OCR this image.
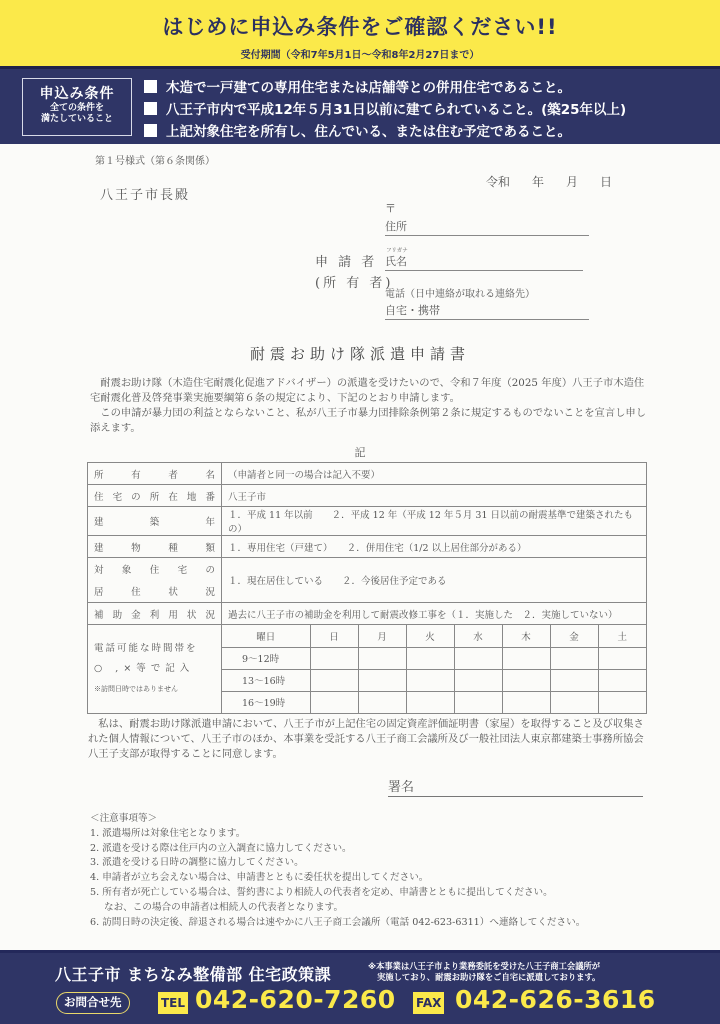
はじめに申込み条件をご確認ください!!
受付期間（令和7年5月1日～令和8年2月27日まで）
申込み条件
全ての条件を
満たしていること
木造で一戸建ての専用住宅または店舗等との併用住宅であること。
八王子市内で平成12年５月31日以前に建てられていること。(築25年以上)
上記対象住宅を所有し、住んでいる、または住む予定であること。
第１号様式（第６条関係）
八王子市長殿
令和 年 月 日
申 請 者
(所 有 者)
〒
住所
フリガナ
氏名
電話（日中連絡が取れる連絡先）
自宅・携帯
耐震お助け隊派遣申請書
　耐震お助け隊（木造住宅耐震化促進アドバイザー）の派遣を受けたいので、令和７年度（2025 年度）八王子市木造住宅耐震化普及啓発事業実施要綱第６条の規定により、下記のとおり申請します。
　この申請が暴力団の利益とならないこと、私が八王子市暴力団排除条例第２条に規定するものでないことを宣言し申し添えます。
記
所	有	者	名	（申請者と同一の場合は記入不要）

住 宅 の 所 在 地 番	八王子市

建	築	年
	１．平成 11 年以前　　２．平成 12 年（平成 12 年５月 31 日以前の耐震基準で建築されたもの）

建	物	種	類	１．専用住宅（戸建て）　　２．併用住宅（1/2 以上居住部分がある）

対 象 住 宅 の
居	住	状	況
	１．現在居住している　　２．今後居住予定である

補 助 金 利 用 状 況	過去に八王子市の補助金を利用して耐震改修工事を（１．実施した　２．実施していない）

電話可能な時間帯を
○ ,×等で記入
※訪問日時ではありません

曜日	日	月	火	水	木	金	土
9～12時							
13～16時							
16～19時							
　私は、耐震お助け隊派遣申請において、八王子市が上記住宅の固定資産評価証明書（家屋）を取得すること及び収集された個人情報について、八王子市のほか、本事業を受託する八王子商工会議所及び一般社団法人東京都建築士事務所協会八王子支部が取得することに同意します。
署名
＜注意事項等＞
1. 派遣場所は対象住宅となります。
2. 派遣を受ける際は住戸内の立入調査に協力してください。
3. 派遣を受ける日時の調整に協力してください。
4. 申請者が立ち会えない場合は、申請書とともに委任状を提出してください。
5. 所有者が死亡している場合は、誓約書により相続人の代表者を定め、申請書とともに提出してください。
なお、この場合の申請者は相続人の代表者となります。
6. 訪問日時の決定後、辞退される場合は速やかに八王子商工会議所（電話 042-623-6311）へ連絡してください。
八王子市 まちなみ整備部 住宅政策課	※本事業は八王子市より業務委託を受けた八王子商工会議所が
実施しており、耐震お助け隊をご自宅に派遣しております。
お問合せ先	TEL 042-620-7260 FAX 042-626-3616
